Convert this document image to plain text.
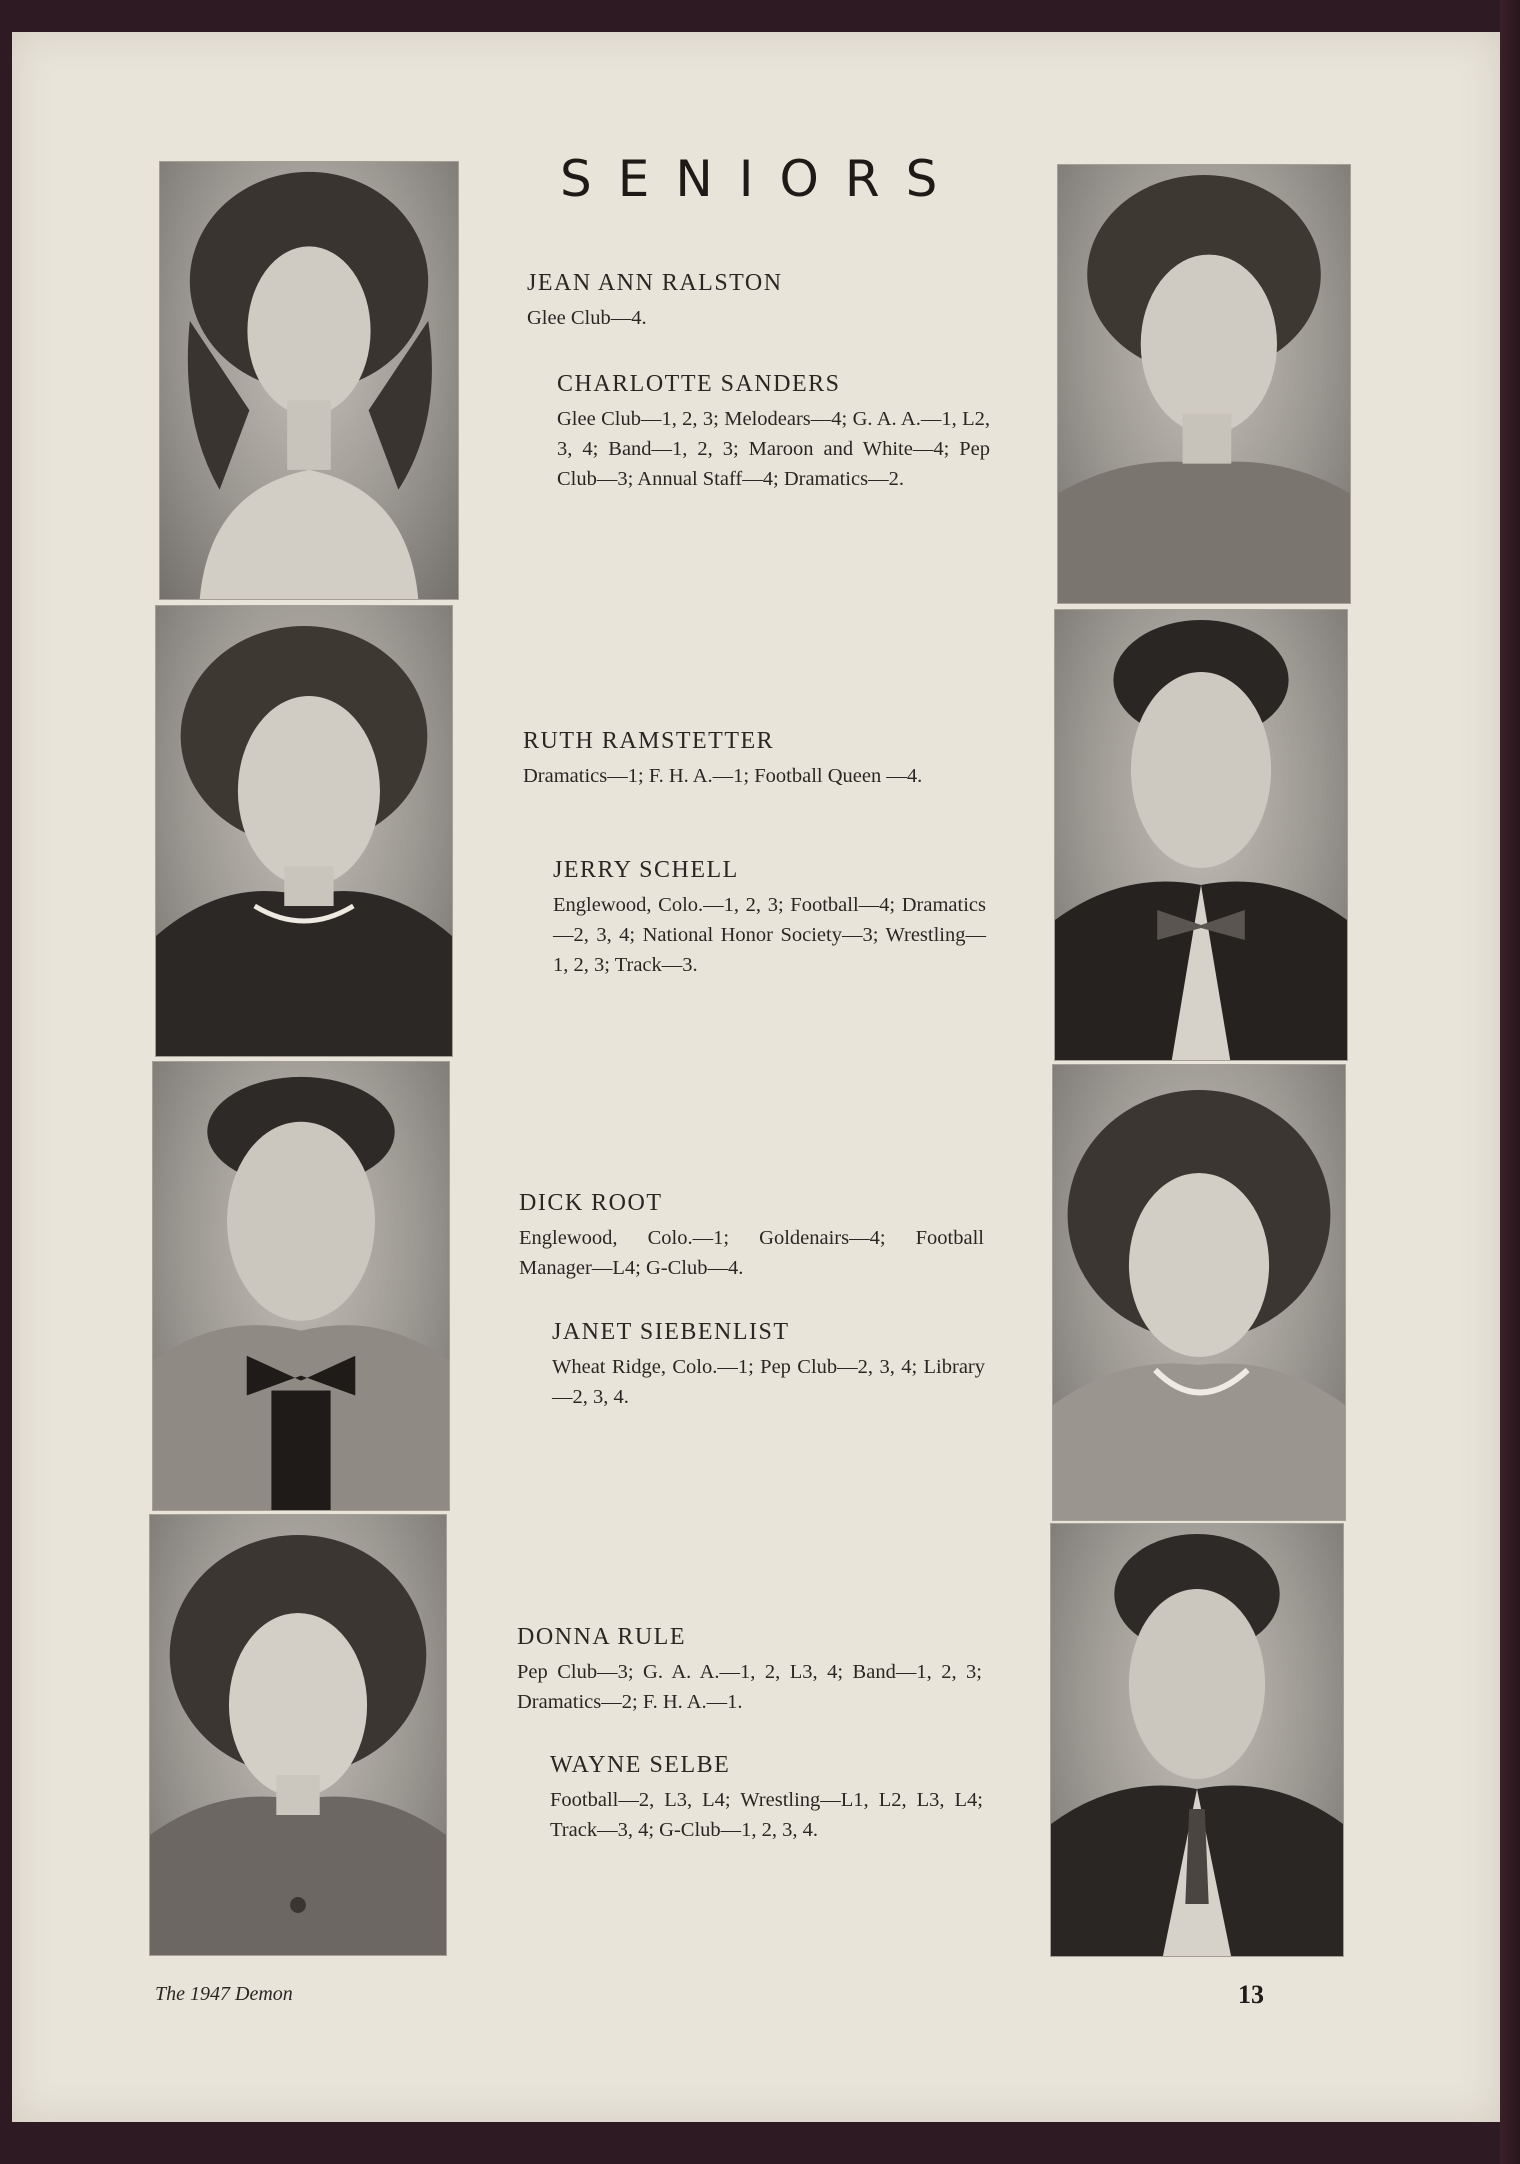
SENIORS
JEAN ANN RALSTON
Glee Club—4.
CHARLOTTE SANDERS
Glee Club—1, 2, 3; Melodears—4; G. A. A.—1, L2, 3, 4; Band—1, 2, 3; Maroon and White—4; Pep Club—3; Annual Staff—4; Dramatics—2.
RUTH RAMSTETTER
Dramatics—1; F. H. A.—1; Football Queen —4.
JERRY SCHELL
Englewood, Colo.—1, 2, 3; Football—4; Dramatics—2, 3, 4; National Honor Society—3; Wrestling—1, 2, 3; Track—3.
DICK ROOT
Englewood, Colo.—1; Goldenairs—4; Football Manager—L4; G-Club—4.
JANET SIEBENLIST
Wheat Ridge, Colo.—1; Pep Club—2, 3, 4; Library—2, 3, 4.
DONNA RULE
Pep Club—3; G. A. A.—1, 2, L3, 4; Band—1, 2, 3; Dramatics—2; F. H. A.—1.
WAYNE SELBE
Football—2, L3, L4; Wrestling—L1, L2, L3, L4; Track—3, 4; G-Club—1, 2, 3, 4.
The 1947 Demon	13
